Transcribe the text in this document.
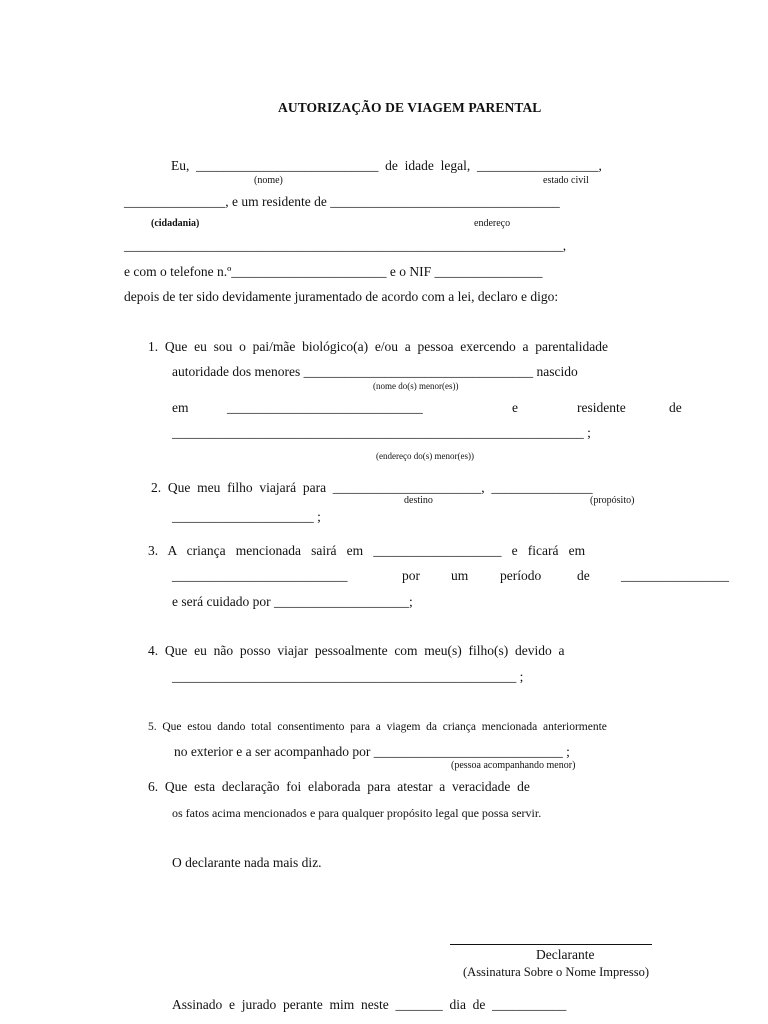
AUTORIZAÇÃO DE VIAGEM PARENTAL
Eu,  ___________________________  de  idade  legal,  __________________,
(nome)	estado civil
_______________, e um residente de __________________________________
(cidadania)	endereço
_________________________________________________________________,
e com o telefone n.º_______________________ e o NIF ________________
depois de ter sido devidamente juramentado de acordo com a lei, declaro e digo:
1.  Que  eu  sou  o  pai/mãe  biológico(a)  e/ou  a  pessoa  exercendo  a  parentalidade
autoridade dos menores __________________________________ nascido
(nome do(s) menor(es))
em	_____________________________	e	residente	de
_____________________________________________________________ ;
(endereço do(s) menor(es))
2.  Que  meu  filho  viajará  para  ______________________,  _______________
destino	(propósito)
_____________________ ;
3.   A   criança   mencionada   sairá   em   ___________________   e   ficará   em
__________________________	por um período	de ________________
e será cuidado por ____________________;
4.  Que  eu  não  posso  viajar  pessoalmente  com  meu(s)  filho(s)  devido  a
___________________________________________________ ;
5.  Que  estou  dando  total  consentimento  para  a  viagem  da  criança  mencionada  anteriormente
no exterior e a ser acompanhado por ____________________________ ;
(pessoa acompanhando menor)
6.  Que  esta  declaração  foi  elaborada  para  atestar  a  veracidade  de
os fatos acima mencionados e para qualquer propósito legal que possa servir.
O declarante nada mais diz.
Declarante
(Assinatura Sobre o Nome Impresso)
Assinado  e  jurado  perante  mim  neste  _______  dia  de  ___________
